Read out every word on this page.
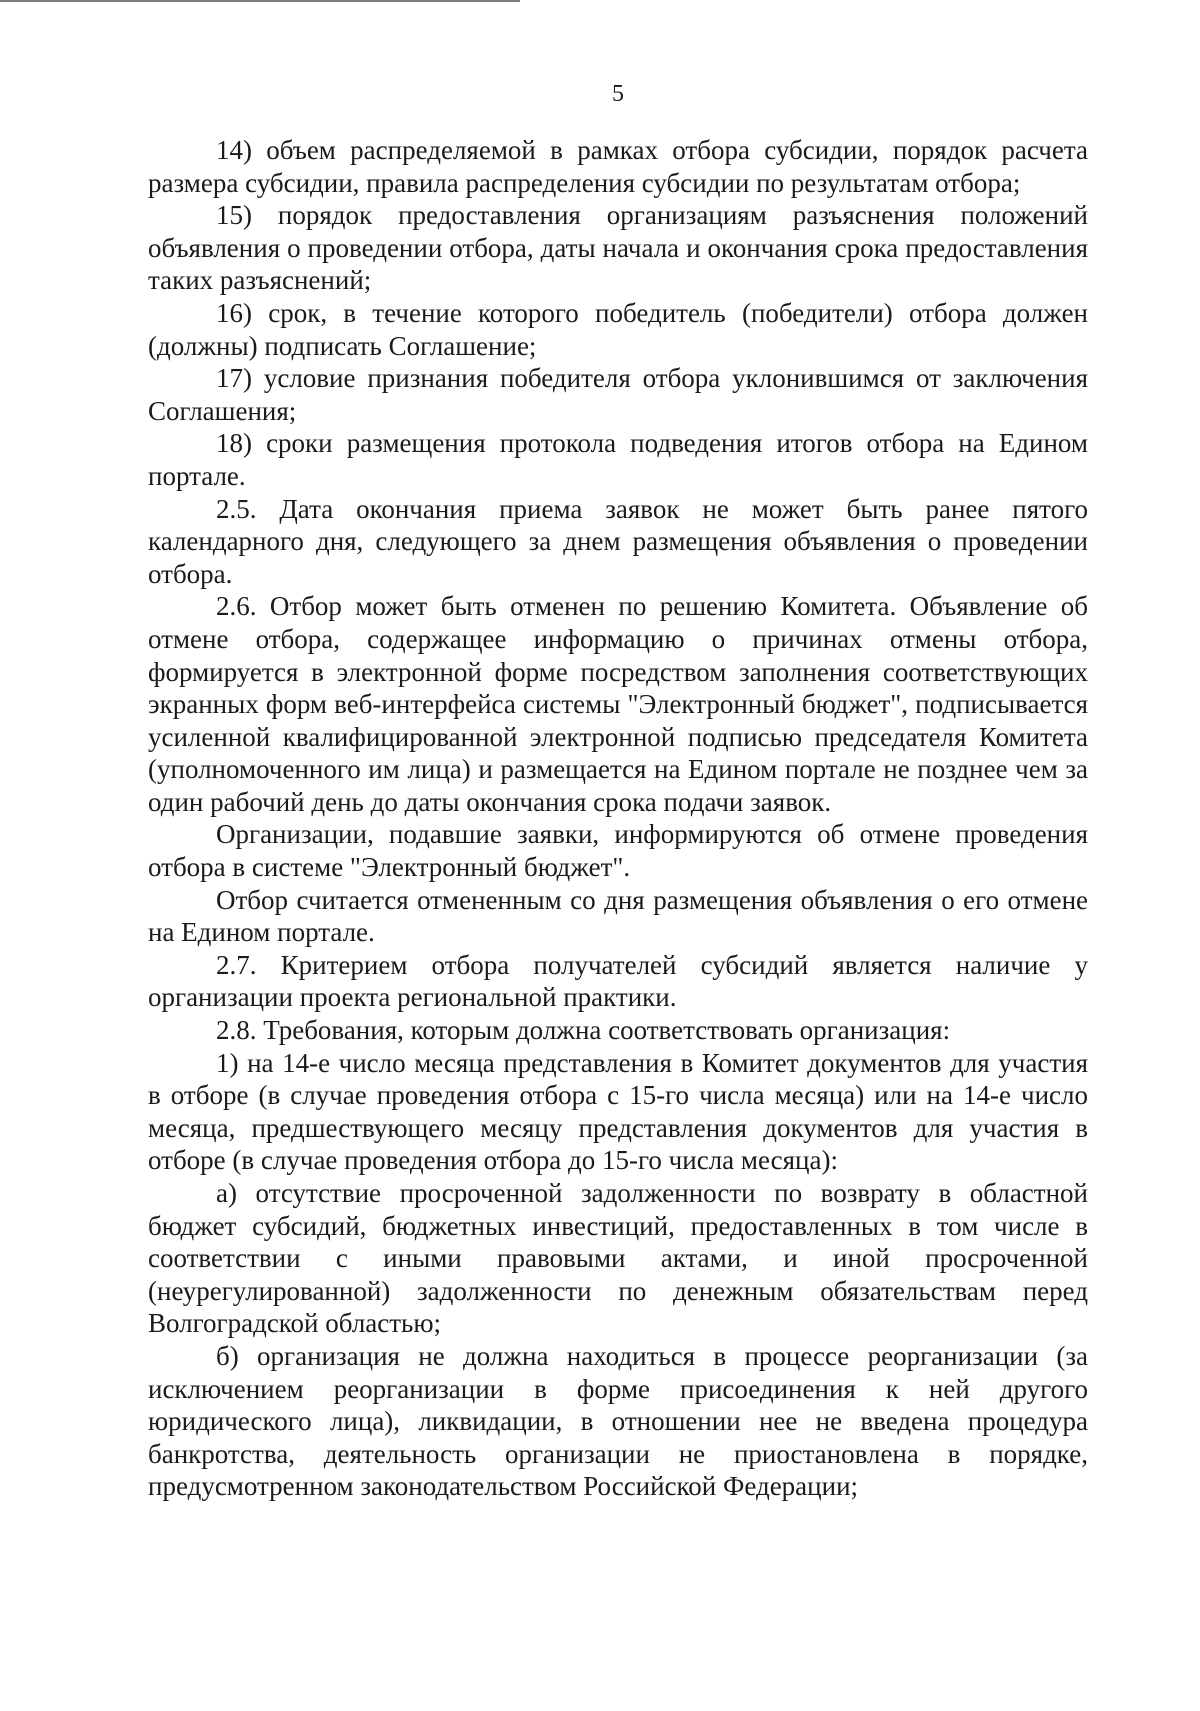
5

14) объем распределяемой в рамках отбора субсидии, порядок расчета размера субсидии, правила распределения субсидии по результатам отбора;

15) порядок предоставления организациям разъяснения положений объявления о проведении отбора, даты начала и окончания срока предоставления таких разъяснений;

16) срок, в течение которого победитель (победители) отбора должен (должны) подписать Соглашение;

17) условие признания победителя отбора уклонившимся от заключения Соглашения;

18) сроки размещения протокола подведения итогов отбора на Едином портале.

2.5. Дата окончания приема заявок не может быть ранее пятого календарного дня, следующего за днем размещения объявления о проведении отбора.

2.6. Отбор может быть отменен по решению Комитета. Объявление об отмене отбора, содержащее информацию о причинах отмены отбора, формируется в электронной форме посредством заполнения соответствующих экранных форм веб-интерфейса системы "Электронный бюджет", подписывается усиленной квалифицированной электронной подписью председателя Комитета (уполномоченного им лица) и размещается на Едином портале не позднее чем за один рабочий день до даты окончания срока подачи заявок.

Организации, подавшие заявки, информируются об отмене проведения отбора в системе "Электронный бюджет".

Отбор считается отмененным со дня размещения объявления о его отмене на Едином портале.

2.7. Критерием отбора получателей субсидий является наличие у организации проекта региональной практики.

2.8. Требования, которым должна соответствовать организация:

1) на 14-е число месяца представления в Комитет документов для участия в отборе (в случае проведения отбора с 15-го числа месяца) или на 14-е число месяца, предшествующего месяцу представления документов для участия в отборе (в случае проведения отбора до 15-го числа месяца):

а) отсутствие просроченной задолженности по возврату в областной бюджет субсидий, бюджетных инвестиций, предоставленных в том числе в соответствии с иными правовыми актами, и иной просроченной (неурегулированной) задолженности по денежным обязательствам перед Волгоградской областью;

б) организация не должна находиться в процессе реорганизации (за исключением реорганизации в форме присоединения к ней другого юридического лица), ликвидации, в отношении нее не введена процедура банкротства, деятельность организации не приостановлена в порядке, предусмотренном законодательством Российской Федерации;
